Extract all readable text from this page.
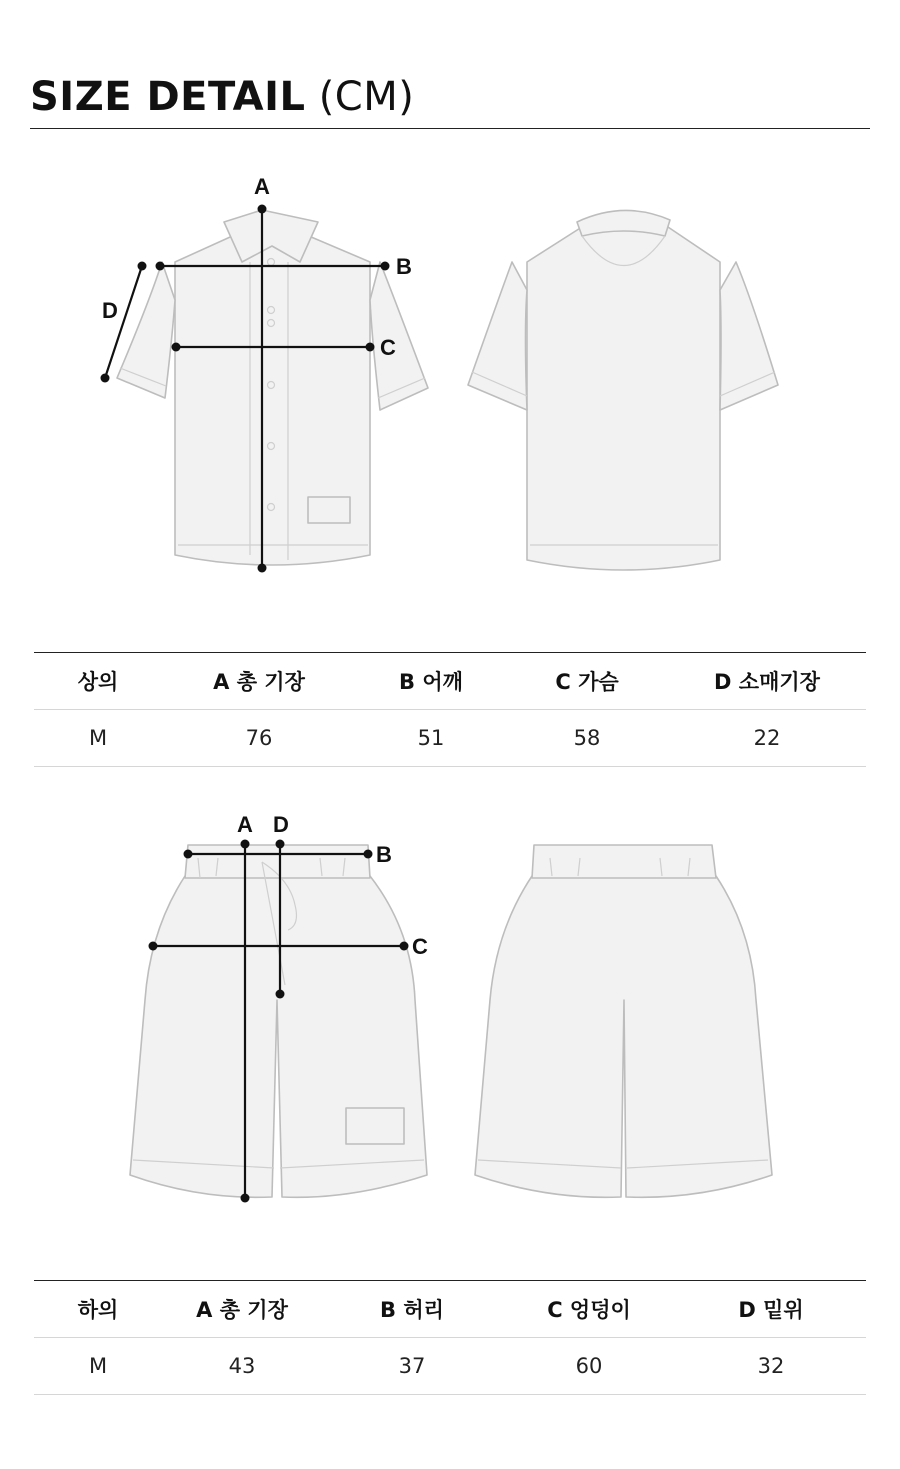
SIZE DETAIL (CM)
A
B
C
D
상의	A 총 기장	B 어깨	C 가슴	D 소매기장
M	76	51	58	22
A D
B
C
하의	A 총 기장	B 허리	C 엉덩이	D 밑위
M	43	37	60	32
